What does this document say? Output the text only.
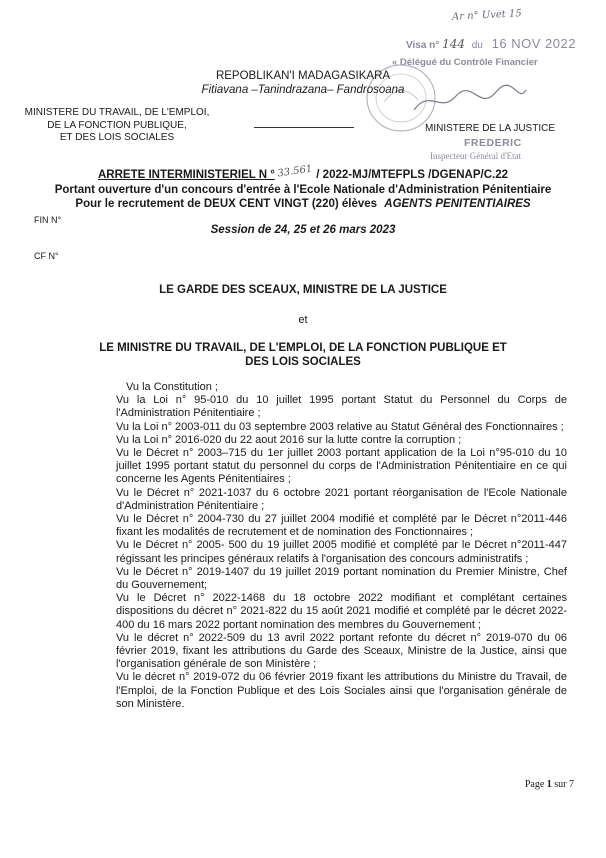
Ar n° Uvet 15
Visa n° 144 du 16 NOV 2022
« Délégué du Contrôle Financier
REPOBLIKAN'I MADAGASIKARA
Fitiavana –Tanindrazana– Fandrosoana
MINISTERE DU TRAVAIL, DE L'EMPLOI,
DE LA FONCTION PUBLIQUE,
ET DES LOIS SOCIALES
MINISTERE DE LA JUSTICE
FREDERIC
Inspecteur Général d'Etat
ARRETE INTERMINISTERIEL N ° 33.561 / 2022-MJ/MTEFPLS /DGENAP/C.22
Portant ouverture d'un concours d'entrée à l'Ecole Nationale d'Administration Pénitentiaire
Pour le recrutement de DEUX CENT VINGT (220) élèves AGENTS PENITENTIAIRES
FIN N°
Session de 24, 25 et 26 mars 2023
CF N°
LE GARDE DES SCEAUX, MINISTRE DE LA JUSTICE
et
LE MINISTRE DU TRAVAIL, DE L'EMPLOI, DE LA FONCTION PUBLIQUE ET
DES LOIS SOCIALES

Vu la Constitution ;

Vu la Loi n° 95-010 du 10 juillet 1995 portant Statut du Personnel du Corps de l'Administration Pénitentiaire ;

Vu la Loi n° 2003-011 du 03 septembre 2003 relative au Statut Général des Fonctionnaires ;

Vu la Loi n° 2016-020 du 22 aout 2016 sur la lutte contre la corruption ;

Vu le Décret n° 2003–715 du 1er juillet 2003 portant application de la Loi n°95-010 du 10 juillet 1995 portant statut du personnel du corps de l'Administration Pénitentiaire en ce qui concerne les Agents Pénitentiaires ;

Vu le Décret n° 2021-1037 du 6 octobre 2021 portant réorganisation de l'Ecole Nationale d'Administration Pénitentiaire ;

Vu le Décret n° 2004-730 du 27 juillet 2004 modifié et complété par le Décret n°2011-446 fixant les modalités de recrutement et de nomination des Fonctionnaires ;

Vu le Décret n° 2005- 500 du 19 juillet 2005 modifié et complété par le Décret n°2011-447 régissant les principes généraux relatifs à l'organisation des concours administratifs ;

Vu le Décret n° 2019-1407 du 19 juillet 2019 portant nomination du Premier Ministre, Chef du Gouvernement;

Vu le Décret n° 2022-1468 du 18 octobre 2022 modifiant et complétant certaines dispositions du décret n° 2021-822 du 15 août 2021 modifié et complété par le décret 2022-400 du 16 mars 2022 portant nomination des membres du Gouvernement ;

Vu le décret n° 2022-509 du 13 avril 2022 portant refonte du décret n° 2019-070 du 06 février 2019, fixant les attributions du Garde des Sceaux, Ministre de la Justice, ainsi que l'organisation générale de son Ministère ;

Vu le décret n° 2019-072 du 06 février 2019 fixant les attributions du Ministre du Travail, de l'Emploi, de la Fonction Publique et des Lois Sociales ainsi que l'organisation générale de son Ministère.

Page 1 sur 7
